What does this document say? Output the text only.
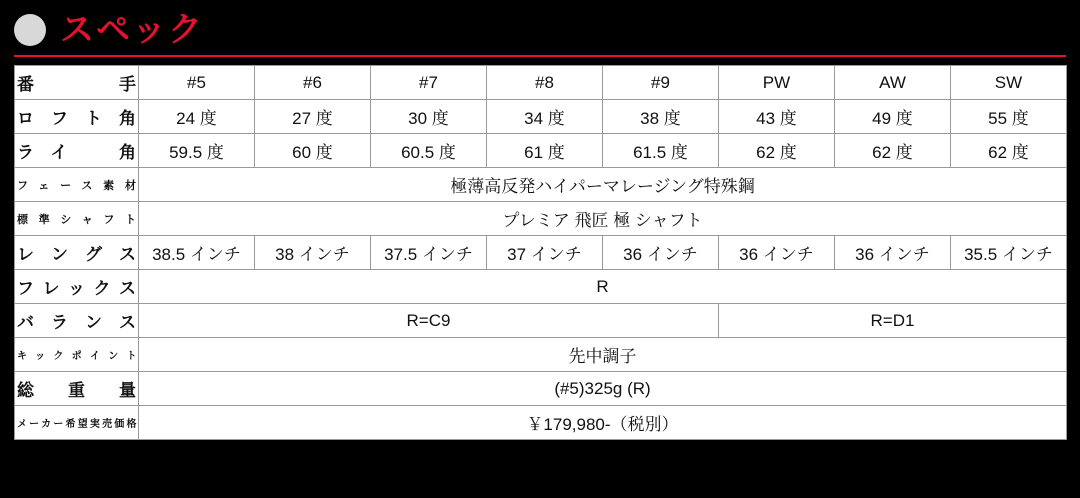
スペック
番　　　手	#5	#6	#7	#8	#9	PW	AW	SW
ロ フ ト 角	24 度	27 度	30 度	34 度	38 度	43 度	49 度	55 度
ラ イ　　角	59.5 度	60 度	60.5 度	61 度	61.5 度	62 度	62 度	62 度
フェース素材	極薄高反発ハイパーマレージング特殊鋼							
標準シャフト	プレミア 飛匠 極 シャフト							
レ ン グ ス	38.5 インチ	38 インチ	37.5 インチ	37 インチ	36 インチ	36 インチ	36 インチ	35.5 インチ
フ レ ッ ク ス	R							
バ ラ ン ス	R=C9					R=D1		
キックポイント	先中調子							
総　 重　 量	(#5)325g (R)							
メーカー希望実売価格	￥179,980-（税別）							
